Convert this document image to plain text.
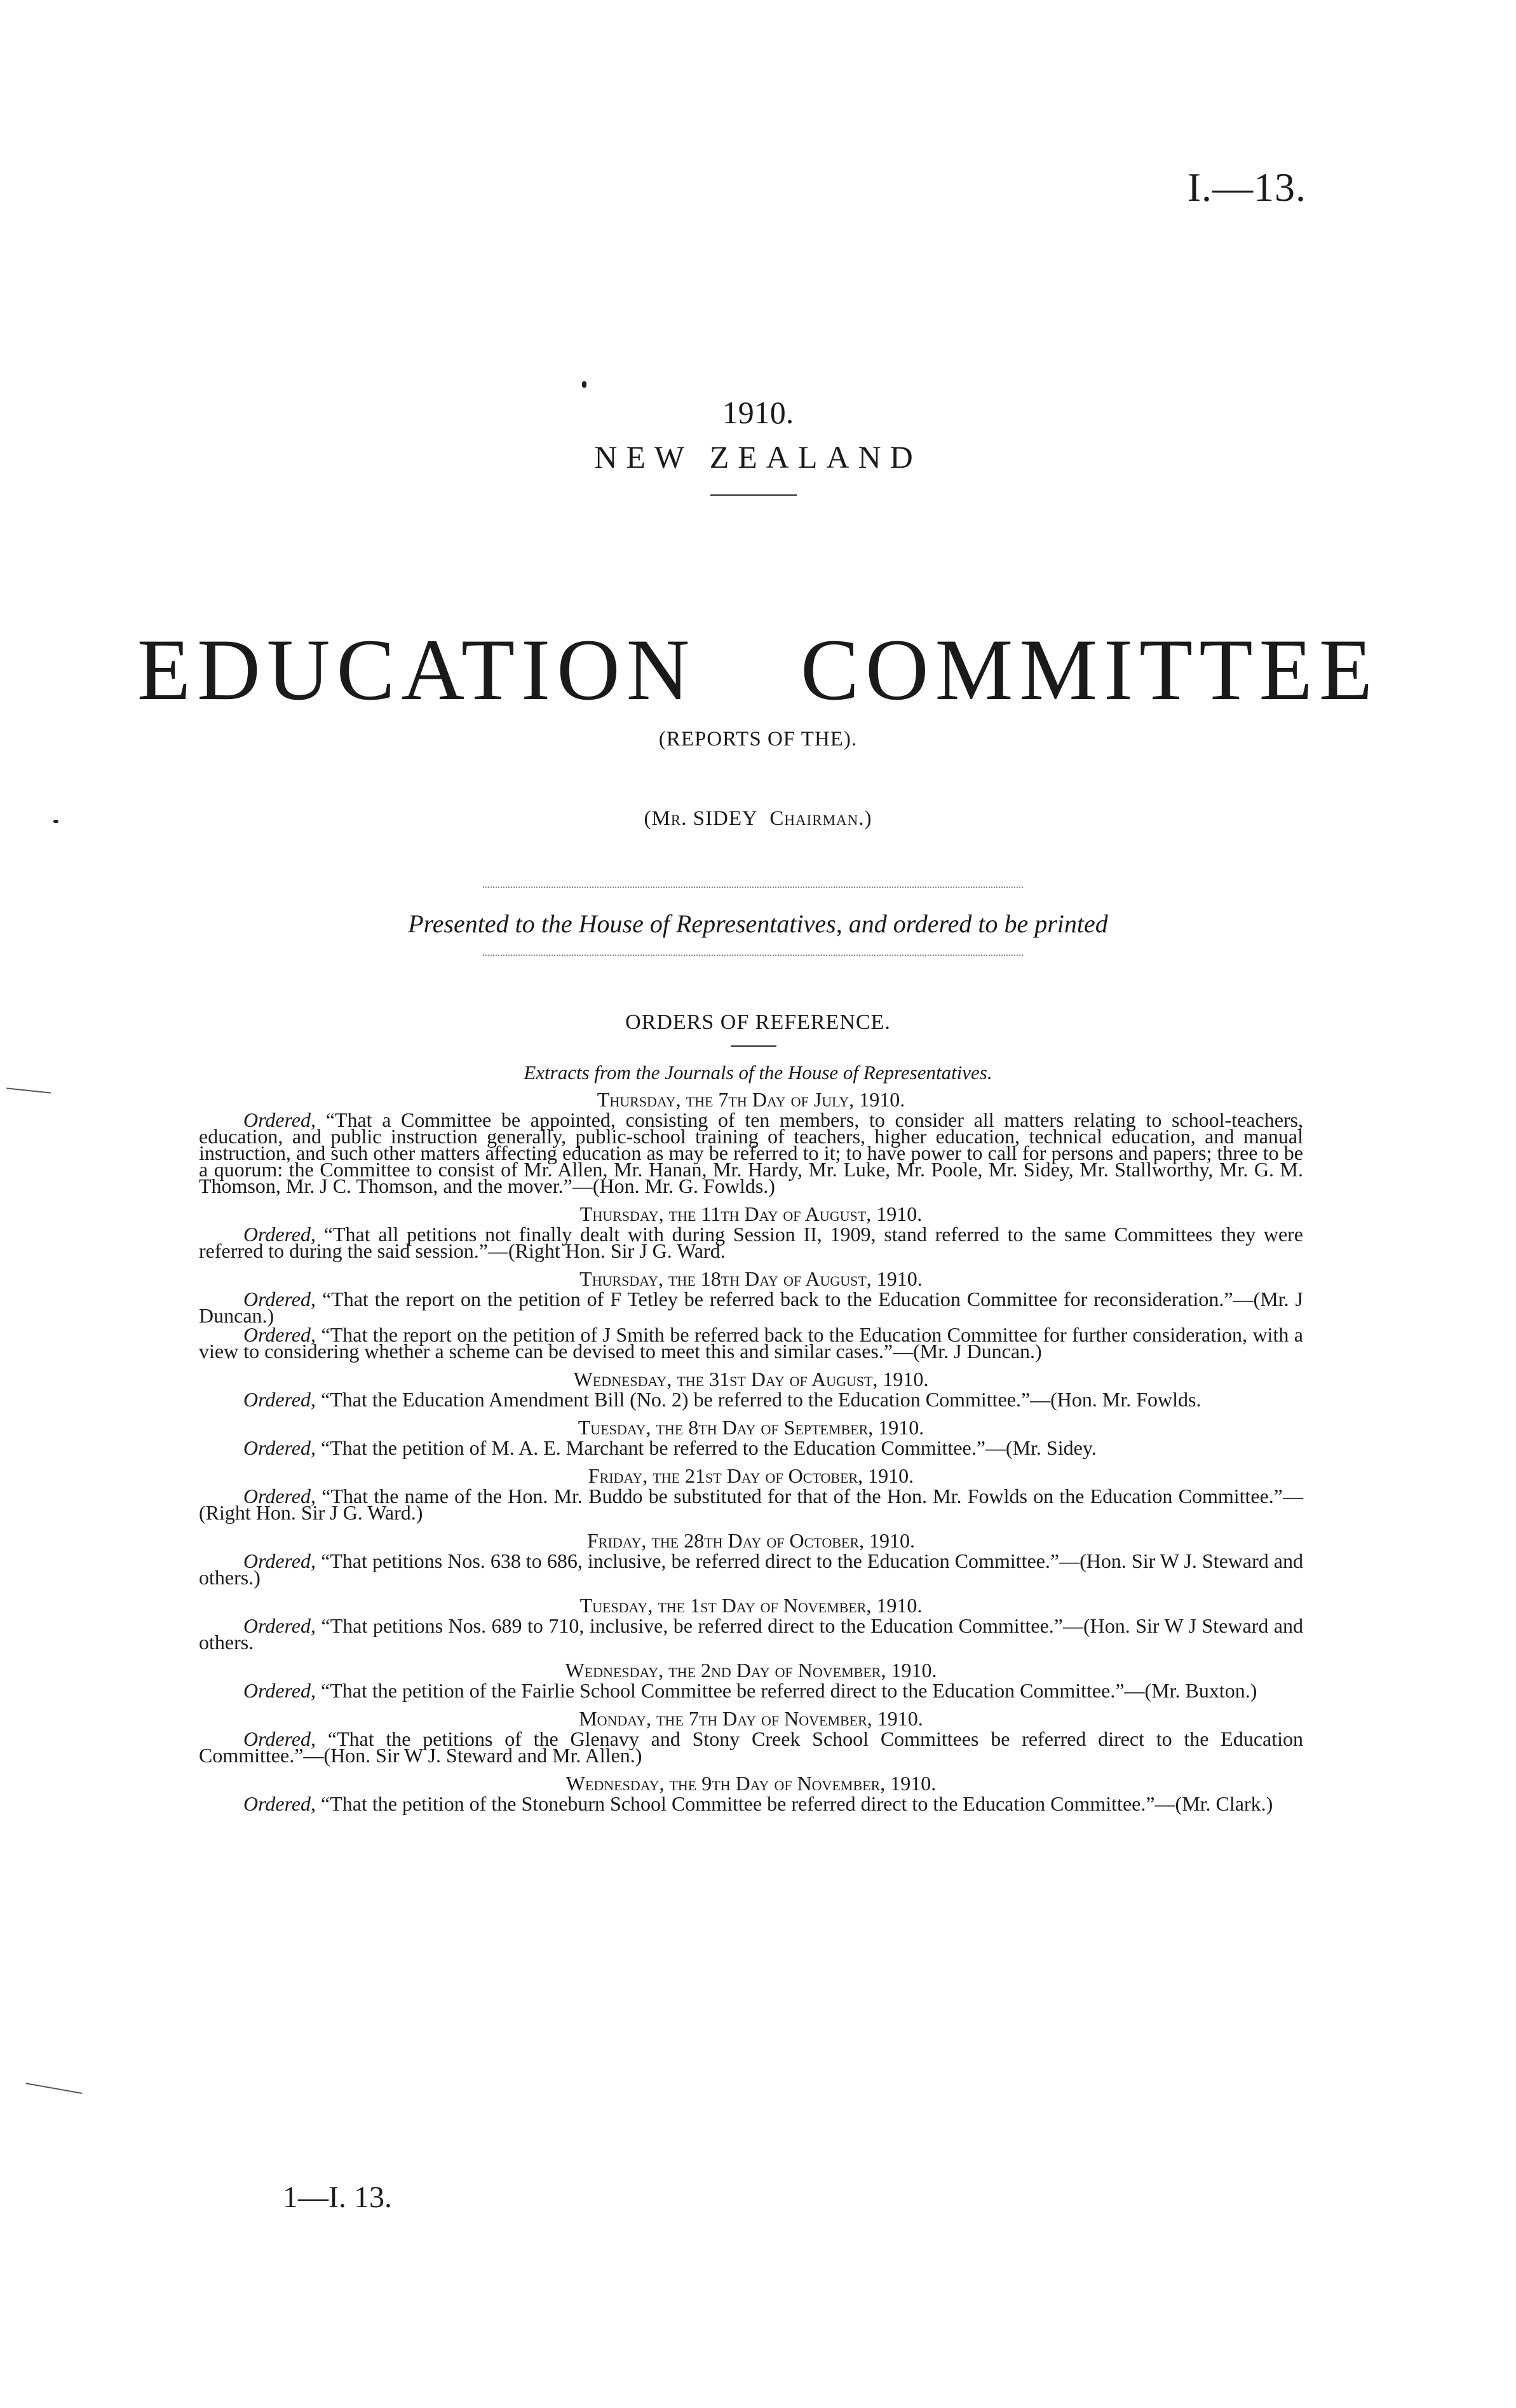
I.—13.
1910.
NEW ZEALAND
EDUCATION COMMITTEE
(REPORTS OF THE).
(Mr. SIDEY Chairman.)
Presented to the House of Representatives, and ordered to be printed
ORDERS OF REFERENCE.
Extracts from the Journals of the House of Representatives.
Thursday, the 7th Day of July, 1910.

Ordered, “That a Committee be appointed, consisting of ten members, to consider all matters relating to school-teachers, education, and public instruction generally, public-school training of teachers, higher education, technical education, and manual instruction, and such other matters affecting education as may be referred to it; to have power to call for persons and papers; three to be a quorum: the Committee to consist of Mr. Allen, Mr. Hanan, Mr. Hardy, Mr. Luke, Mr. Poole, Mr. Sidey, Mr. Stallworthy, Mr. G. M. Thomson, Mr. J C. Thomson, and the mover.”—(Hon. Mr. G. Fowlds.)

Thursday, the 11th Day of August, 1910.

Ordered, “That all petitions not finally dealt with during Session II, 1909, stand referred to the same Committees they were referred to during the said session.”—(Right Hon. Sir J G. Ward.

Thursday, the 18th Day of August, 1910.

Ordered, “That the report on the petition of F Tetley be referred back to the Education Committee for reconsideration.”—(Mr. J Duncan.)

Ordered, “That the report on the petition of J Smith be referred back to the Education Committee for further consideration, with a view to considering whether a scheme can be devised to meet this and similar cases.”—(Mr. J Duncan.)

Wednesday, the 31st Day of August, 1910.

Ordered, “That the Education Amendment Bill (No. 2) be referred to the Education Committee.”—(Hon. Mr. Fowlds.

Tuesday, the 8th Day of September, 1910.

Ordered, “That the petition of M. A. E. Marchant be referred to the Education Committee.”—(Mr. Sidey.

Friday, the 21st Day of October, 1910.

Ordered, “That the name of the Hon. Mr. Buddo be substituted for that of the Hon. Mr. Fowlds on the Education Committee.”—(Right Hon. Sir J G. Ward.)

Friday, the 28th Day of October, 1910.

Ordered, “That petitions Nos. 638 to 686, inclusive, be referred direct to the Education Committee.”—(Hon. Sir W J. Steward and others.)

Tuesday, the 1st Day of November, 1910.

Ordered, “That petitions Nos. 689 to 710, inclusive, be referred direct to the Education Committee.”—(Hon. Sir W J Steward and others.

Wednesday, the 2nd Day of November, 1910.

Ordered, “That the petition of the Fairlie School Committee be referred direct to the Education Committee.”—(Mr. Buxton.)

Monday, the 7th Day of November, 1910.

Ordered, “That the petitions of the Glenavy and Stony Creek School Committees be referred direct to the Education Committee.”—(Hon. Sir W J. Steward and Mr. Allen.)

Wednesday, the 9th Day of November, 1910.

Ordered, “That the petition of the Stoneburn School Committee be referred direct to the Education Committee.”—(Mr. Clark.)

1—I. 13.
